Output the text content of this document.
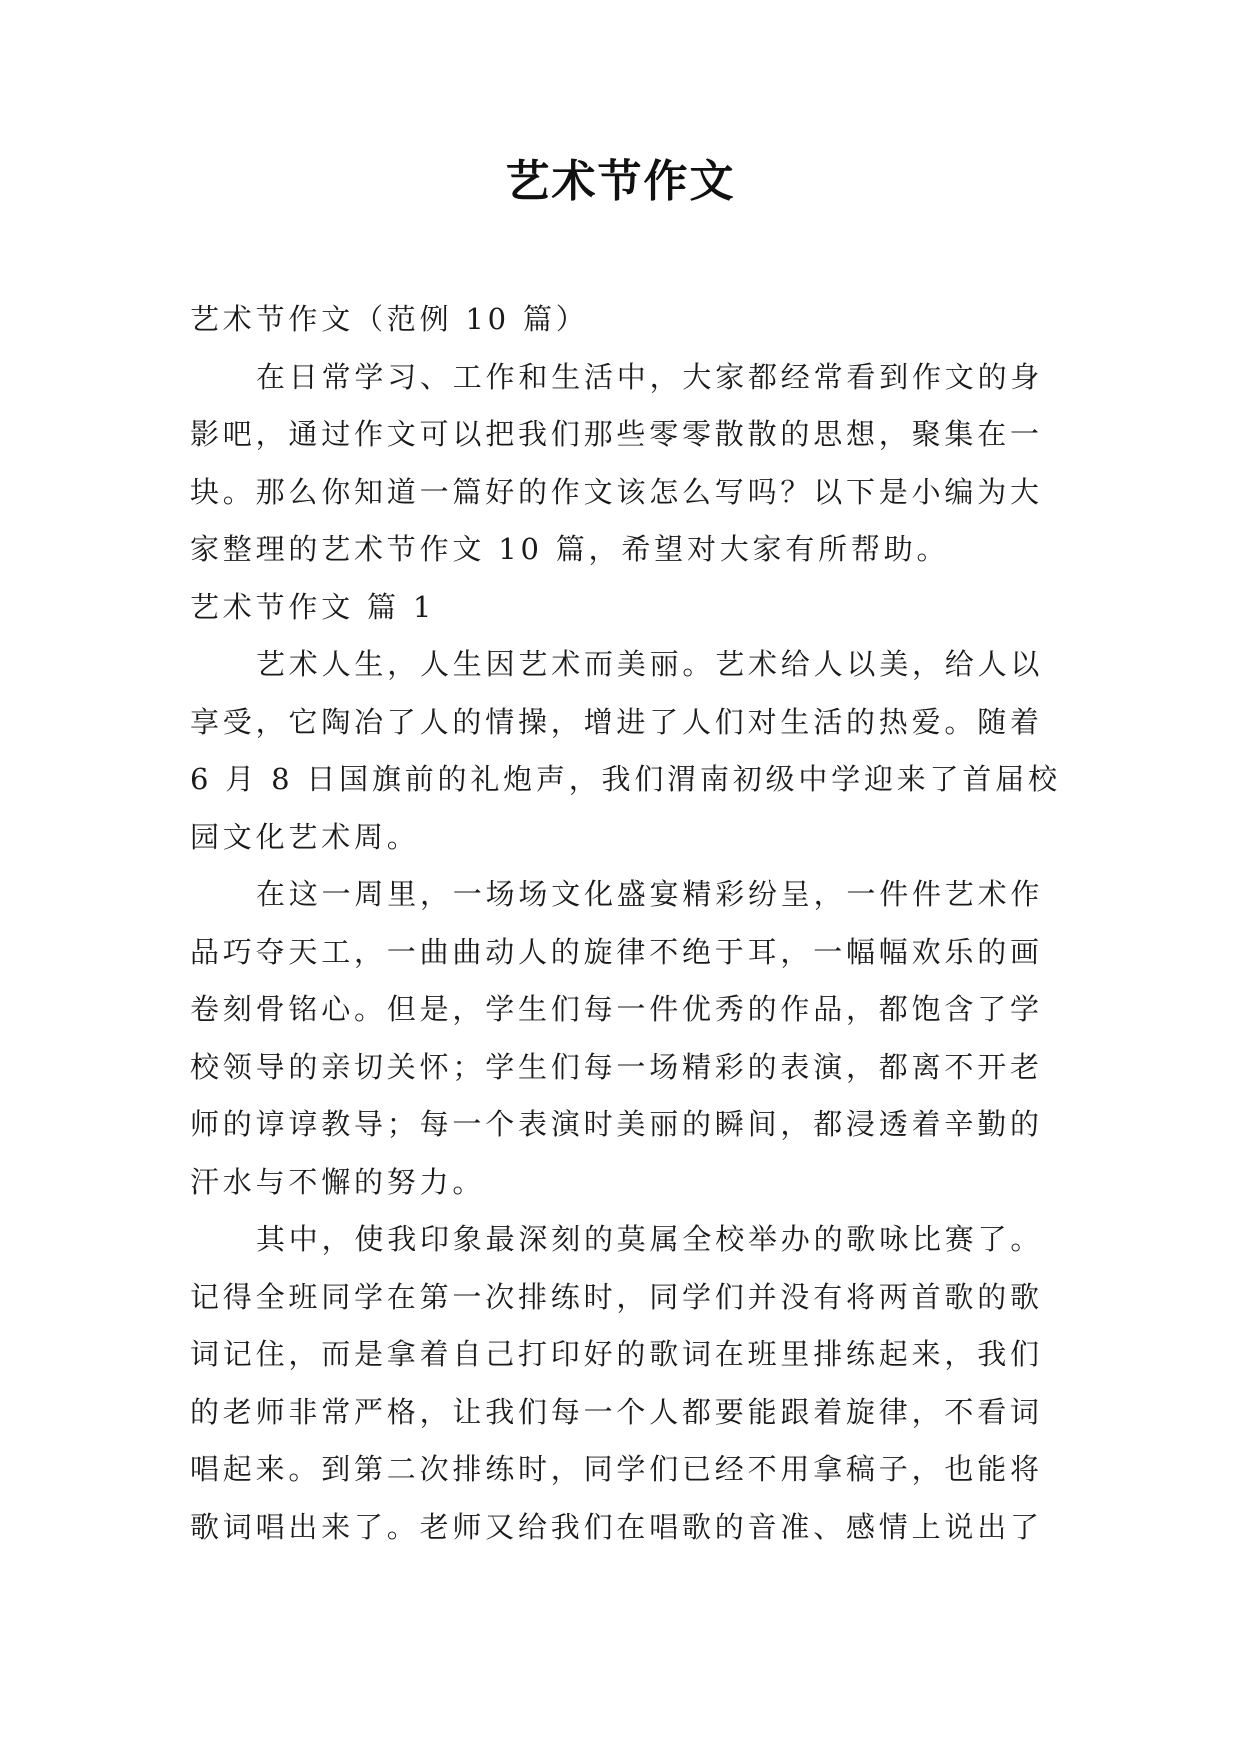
艺术节作文
艺术节作文（范例 10 篇）
在日常学习、工作和生活中，大家都经常看到作文的身
影吧，通过作文可以把我们那些零零散散的思想，聚集在一
块。那么你知道一篇好的作文该怎么写吗？以下是小编为大
家整理的艺术节作文 10 篇，希望对大家有所帮助。
艺术节作文 篇 1
艺术人生，人生因艺术而美丽。艺术给人以美，给人以
享受，它陶冶了人的情操，增进了人们对生活的热爱。随着
6 月 8 日国旗前的礼炮声，我们渭南初级中学迎来了首届校
园文化艺术周。
在这一周里，一场场文化盛宴精彩纷呈，一件件艺术作
品巧夺天工，一曲曲动人的旋律不绝于耳，一幅幅欢乐的画
卷刻骨铭心。但是，学生们每一件优秀的作品，都饱含了学
校领导的亲切关怀；学生们每一场精彩的表演，都离不开老
师的谆谆教导；每一个表演时美丽的瞬间，都浸透着辛勤的
汗水与不懈的努力。
其中，使我印象最深刻的莫属全校举办的歌咏比赛了。
记得全班同学在第一次排练时，同学们并没有将两首歌的歌
词记住，而是拿着自己打印好的歌词在班里排练起来，我们
的老师非常严格，让我们每一个人都要能跟着旋律，不看词
唱起来。到第二次排练时，同学们已经不用拿稿子，也能将
歌词唱出来了。老师又给我们在唱歌的音准、感情上说出了
